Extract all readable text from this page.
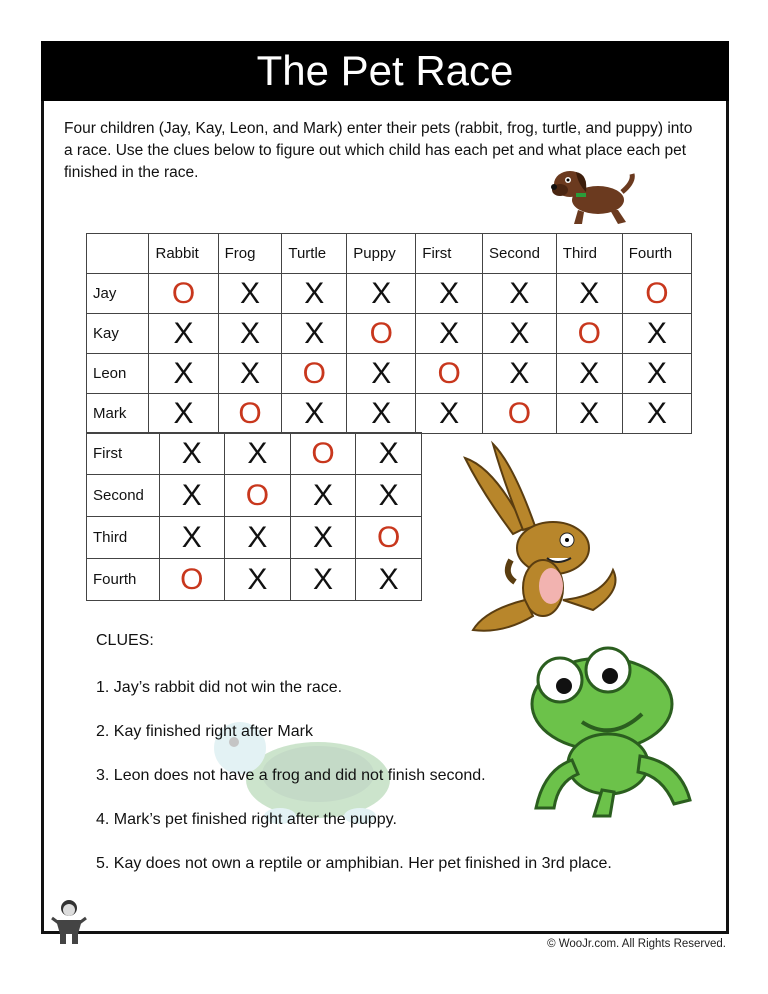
The Pet Race
Four children (Jay, Kay, Leon, and Mark) enter their pets (rabbit, frog, turtle, and puppy) into a race. Use the clues below to figure out which child has each pet and what place each pet finished in the race.
	Rabbit	Frog	Turtle	Puppy	First	Second	Third	Fourth
Jay	O	X	X	X	X	X	X	O
Kay	X	X	X	O	X	X	O	X
Leon	X	X	O	X	O	X	X	X
Mark	X	O	X	X	X	O	X	X
First	X	X	O	X
Second	X	O	X	X
Third	X	X	X	O
Fourth	O	X	X	X
CLUES:
1. Jay’s rabbit did not win the race.
2. Kay finished right after Mark
3. Leon does not have a frog and did not finish second.
4. Mark’s pet finished right after the puppy.
5. Kay does not own a reptile or amphibian. Her pet finished in 3rd place.
© WooJr.com. All Rights Reserved.
